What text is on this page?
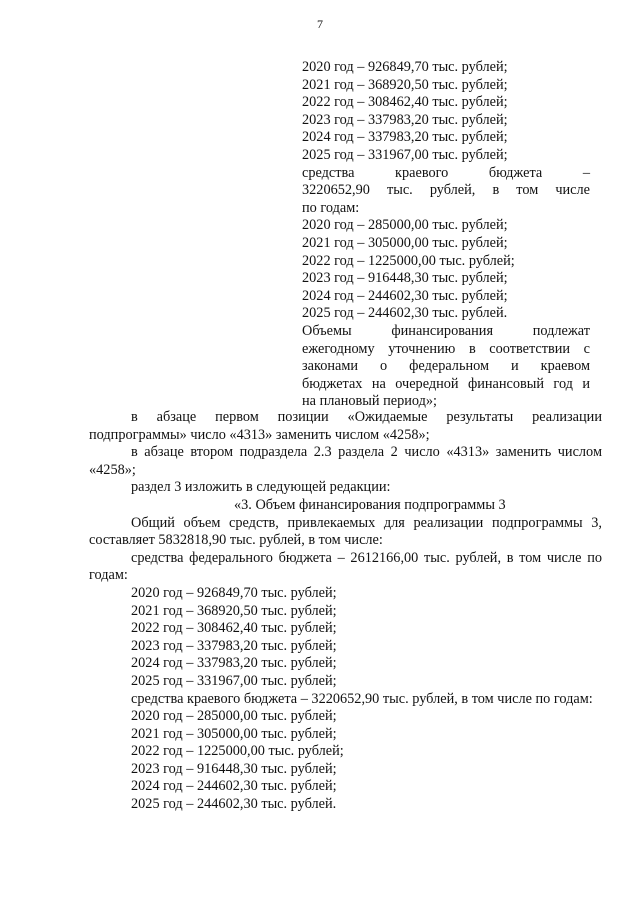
7
2020 год – 926849,70 тыс. рублей;
2021 год – 368920,50 тыс. рублей;
2022 год – 308462,40 тыс. рублей;
2023 год – 337983,20 тыс. рублей;
2024 год – 337983,20 тыс. рублей;
2025 год – 331967,00 тыс. рублей;
средства краевого бюджета –
3220652,90 тыс. рублей, в том числе
по годам:
2020 год – 285000,00 тыс. рублей;
2021 год – 305000,00 тыс. рублей;
2022 год – 1225000,00 тыс. рублей;
2023 год – 916448,30 тыс. рублей;
2024 год – 244602,30 тыс. рублей;
2025 год – 244602,30 тыс. рублей.
Объемы финансирования подлежат
ежегодному уточнению в соответствии с
законами о федеральном и краевом
бюджетах на очередной финансовый год и
на плановый период»;
в абзаце первом позиции «Ожидаемые результаты реализации подпрограммы» число «4313» заменить числом «4258»;
в абзаце втором подраздела 2.3 раздела 2 число «4313» заменить числом «4258»;
раздел 3 изложить в следующей редакции:
«3. Объем финансирования подпрограммы 3
Общий объем средств, привлекаемых для реализации подпрограммы 3, составляет 5832818,90 тыс. рублей, в том числе:
средства федерального бюджета – 2612166,00 тыс. рублей, в том числе по годам:
2020 год – 926849,70 тыс. рублей;
2021 год – 368920,50 тыс. рублей;
2022 год – 308462,40 тыс. рублей;
2023 год – 337983,20 тыс. рублей;
2024 год – 337983,20 тыс. рублей;
2025 год – 331967,00 тыс. рублей;
средства краевого бюджета – 3220652,90 тыс. рублей, в том числе по годам:
2020 год – 285000,00 тыс. рублей;
2021 год – 305000,00 тыс. рублей;
2022 год – 1225000,00 тыс. рублей;
2023 год – 916448,30 тыс. рублей;
2024 год – 244602,30 тыс. рублей;
2025 год – 244602,30 тыс. рублей.
